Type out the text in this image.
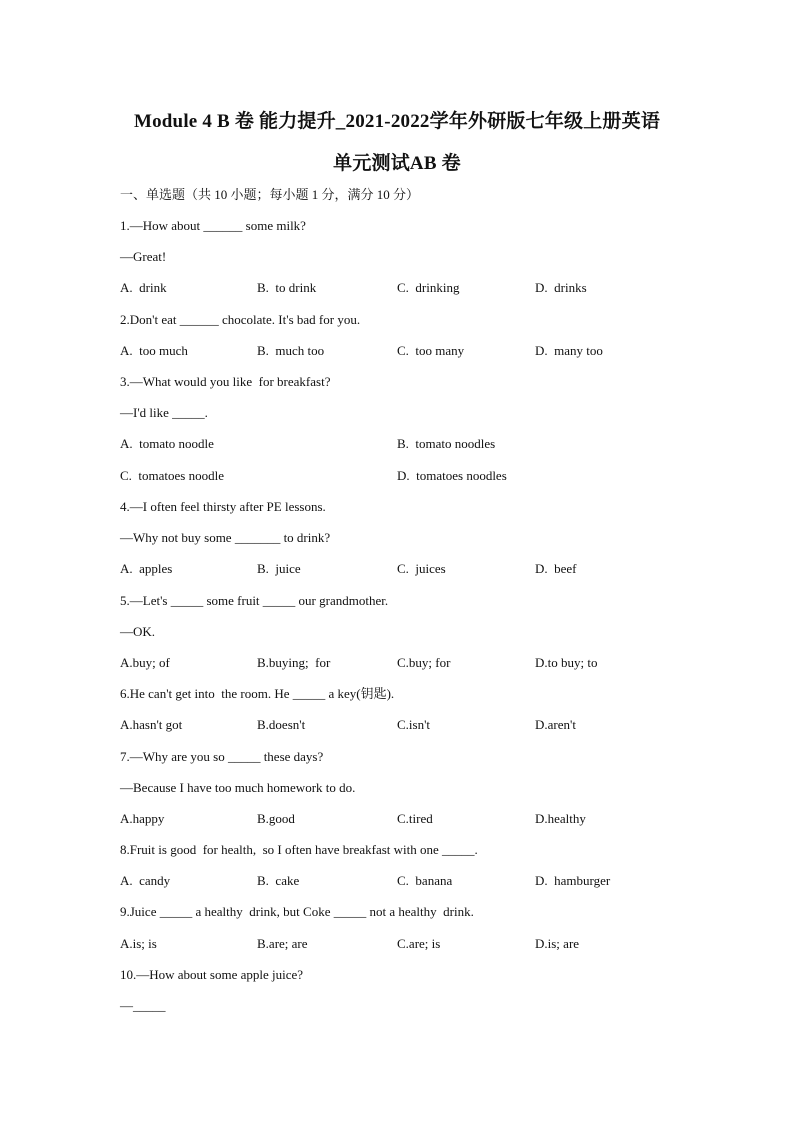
Module 4 B 卷 能力提升_2021-2022学年外研版七年级上册英语
单元测试AB 卷
一、单选题（共 10 小题；每小题 1 分，满分 10 分）
1.—How about ______ some milk?
—Great!
A.  drink	B.  to drink	C.  drinking	D.  drinks
2.Don't eat ______ chocolate. It's bad for you.
A.  too much	B.  much too	C.  too many	D.  many too
3.—What would you like  for breakfast?
—I'd like _____.
A.  tomato noodle	B.  tomato noodles
C.  tomatoes noodle	D.  tomatoes noodles
4.—I often feel thirsty after PE lessons.
—Why not buy some _______ to drink?
A.  apples	B.  juice	C.  juices	D.  beef
5.—Let's _____ some fruit _____ our grandmother.
—OK.
A.buy; of	B.buying;  for	C.buy; for	D.to buy; to
6.He can't get into  the room. He _____ a key(钥匙).
A.hasn't got	B.doesn't	C.isn't	D.aren't
7.—Why are you so _____ these days?
—Because I have too much homework to do.
A.happy	B.good	C.tired	D.healthy
8.Fruit is good  for health,  so I often have breakfast with one _____.
A.  candy	B.  cake	C.  banana	D.  hamburger
9.Juice _____ a healthy  drink, but Coke _____ not a healthy  drink.
A.is; is	B.are; are	C.are; is	D.is; are
10.—How about some apple juice?
—_____
